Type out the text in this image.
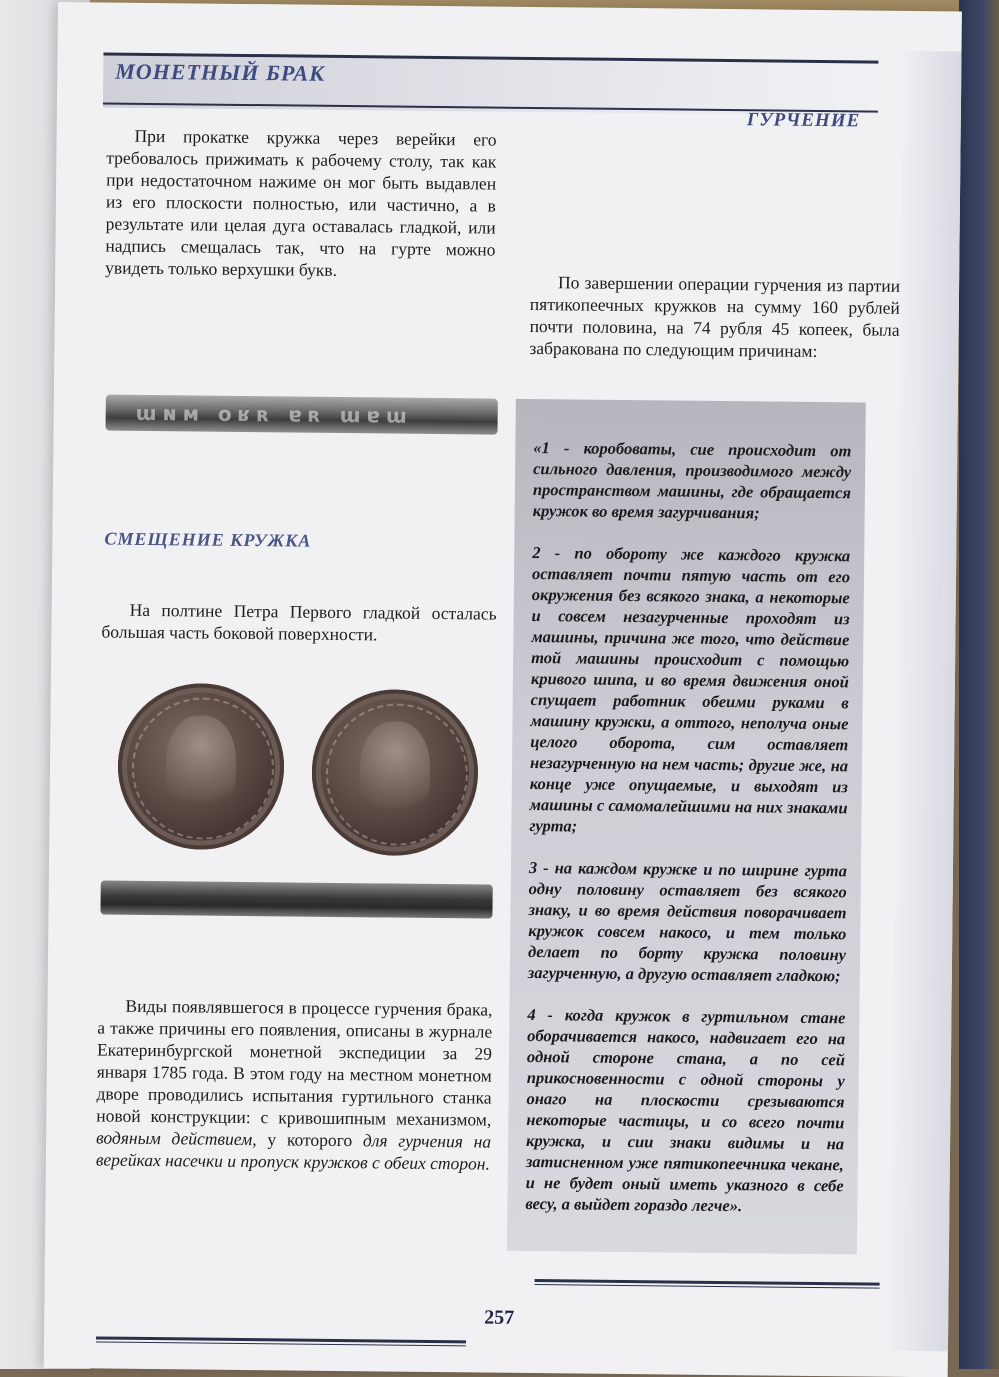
МОНЕТНЫЙ БРАК
ГУРЧЕНИЕ

При прокатке кружка через верейки его требовалось прижимать к рабочему столу, так как при недостаточном нажиме он мог быть выдавлен из его плоскости полностью, или частично, а в результате или целая дуга оставалась гладкой, или надпись смещалась так, что на гурте можно увидеть только верхушки букв.

По завершении операции гурчения из партии пятикопеечных кружков на сумму 160 рублей почти половина, на 74 рубля 45 копеек, была забракована по следующим причинам:

ɯɴᴍ оʁʀ ɐʀ ɯɐɯ
СМЕЩЕНИЕ КРУЖКА

На полтине Петра Первого гладкой осталась большая часть боковой поверхности.

Виды появлявшегося в процессе гурчения брака, а также причины его появления, описаны в журнале Екатеринбургской монетной экспедиции за 29 января 1785 года. В этом году на местном монетном дворе проводились испытания гуртильного станка новой конструкции: с кривошипным механизмом, водяным действием, у которого для гурчения на верейках насечки и пропуск кружков с обеих сторон.

«1 - коробоваты, сие происходит от сильного давления, производимого между пространством машины, где обращается кружок во время загурчивания;

2 - по обороту же каждого кружка оставляет почти пятую часть от его окружения без всякого знака, а некоторые и совсем незагурченные проходят из машины, причина же того, что действие той машины происходит с помощью кривого шипа, и во время движения оной спущает работник обеими руками в машину кружки, а оттого, неполуча оные целого оборота, сим оставляет незагурченную на нем часть; другие же, на конце уже опущаемые, и выходят из машины с самомалейшими на них знаками гурта;

3 - на каждом кружке и по ширине гурта одну половину оставляет без всякого знаку, и во время действия поворачивает кружок совсем накосо, и тем только делает по борту кружка половину загурченную, а другую оставляет гладкою;

4 - когда кружок в гуртильном стане оборачивается накосо, надвигает его на одной стороне стана, а по сей прикосновенности с одной стороны у онаго на плоскости срезываются некоторые частицы, и со всего почти кружка, и сии знаки видимы и на затисненном уже пятикопеечника чекане, и не будет оный иметь указного в себе весу, а выйдет гораздо легче».

257
